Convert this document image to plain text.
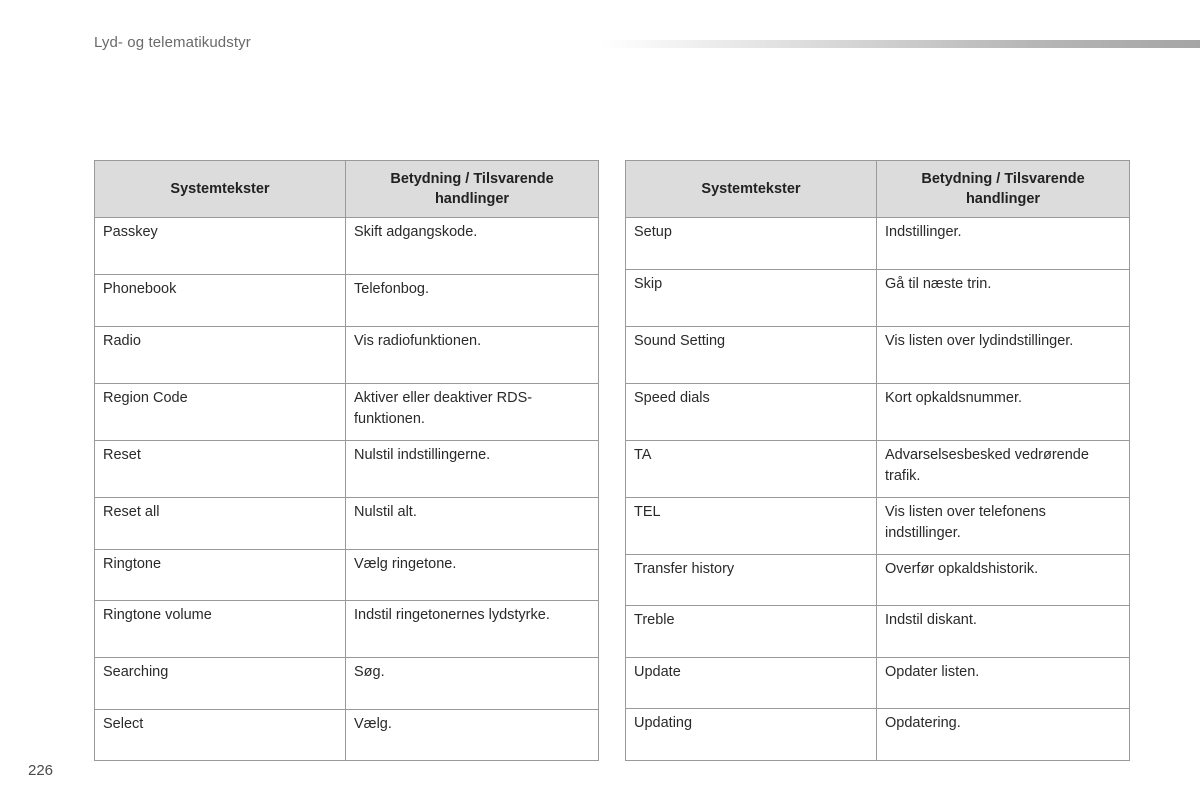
Lyd- og telematikudstyr
Systemtekster	Betydning / Tilsvarende handlinger
Passkey	Skift adgangskode.
Phonebook	Telefonbog.
Radio	Vis radiofunktionen.
Region Code	Aktiver eller deaktiver RDS-funktionen.
Reset	Nulstil indstillingerne.
Reset all	Nulstil alt.
Ringtone	Vælg ringetone.
Ringtone volume	Indstil ringetonernes lydstyrke.
Searching	Søg.
Select	Vælg.
Systemtekster	Betydning / Tilsvarende handlinger
Setup	Indstillinger.
Skip	Gå til næste trin.
Sound Setting	Vis listen over lydindstillinger.
Speed dials	Kort opkaldsnummer.
TA	Advarselsesbesked vedrørende trafik.
TEL	Vis listen over telefonens indstillinger.
Transfer history	Overfør opkaldshistorik.
Treble	Indstil diskant.
Update	Opdater listen.
Updating	Opdatering.
226
